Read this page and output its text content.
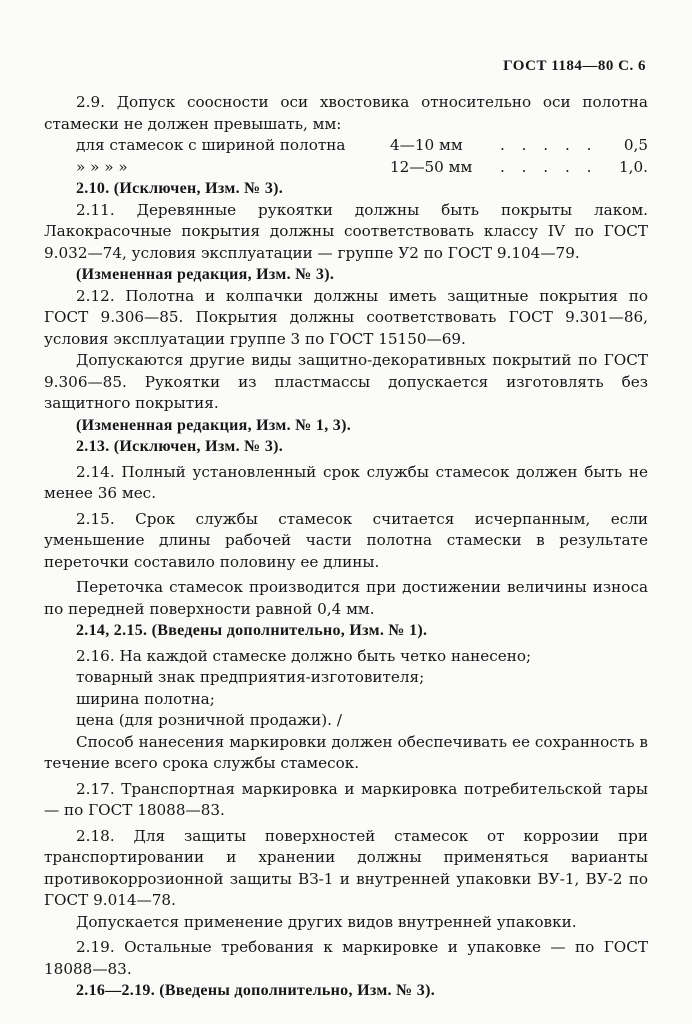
ГОСТ 1184—80 С. 6

2.9. Допуск соосности оси хвостовика относительно оси полотна стамески не должен превышать, мм:

для стамесок с шириной полотна	4—10 мм	. . . . .	0,5
» » » »	12—50 мм	. . . . .	1,0.

2.10. (Исключен, Изм. № 3).

2.11. Деревянные рукоятки должны быть покрыты лаком. Лакокрасочные покрытия должны соответствовать классу IV по ГОСТ 9.032—74, условия эксплуатации — группе У2 по ГОСТ 9.104—79.

(Измененная редакция, Изм. № 3).

2.12. Полотна и колпачки должны иметь защитные покрытия по ГОСТ 9.306—85. Покрытия должны соответствовать ГОСТ 9.301—86, условия эксплуатации группе 3 по ГОСТ 15150—69.

Допускаются другие виды защитно-декоративных покрытий по ГОСТ 9.306—85. Рукоятки из пластмассы допускается изготовлять без защитного покрытия.

(Измененная редакция, Изм. № 1, 3).

2.13. (Исключен, Изм. № 3).

2.14. Полный установленный срок службы стамесок должен быть не менее 36 мес.

2.15. Срок службы стамесок считается исчерпанным, если уменьшение длины рабочей части полотна стамески в результате переточки составило половину ее длины.

Переточка стамесок производится при достижении величины износа по передней поверхности равной 0,4 мм.

2.14, 2.15. (Введены дополнительно, Изм. № 1).

2.16. На каждой стамеске должно быть четко нанесено;

товарный знак предприятия-изготовителя;

ширина полотна;

цена (для розничной продажи). /

Способ нанесения маркировки должен обеспечивать ее сохранность в течение всего срока службы стамесок.

2.17. Транспортная маркировка и маркировка потребительской тары — по ГОСТ 18088—83.

2.18. Для защиты поверхностей стамесок от коррозии при транспортировании и хранении должны применяться варианты противокоррозионной защиты ВЗ-1 и внутренней упаковки ВУ-1, ВУ-2 по ГОСТ 9.014—78.

Допускается применение других видов внутренней упаковки.

2.19. Остальные требования к маркировке и упаковке — по ГОСТ 18088—83.

2.16—2.19. (Введены дополнительно, Изм. № 3).
